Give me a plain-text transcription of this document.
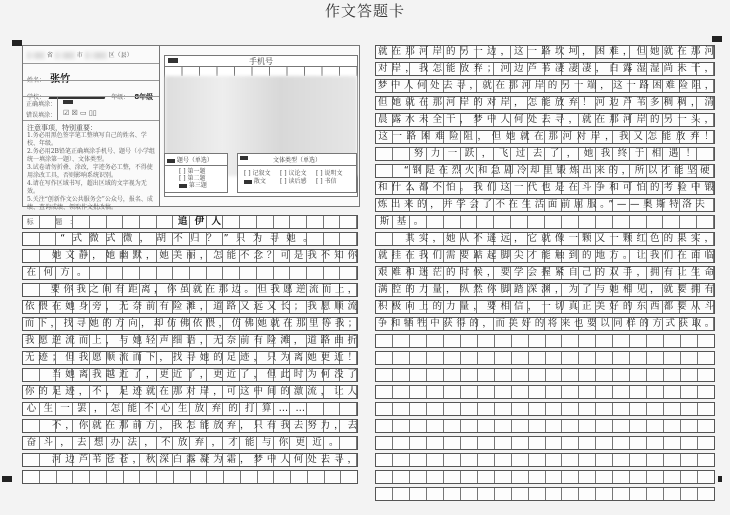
作文答题卡
省	市	区（县）
姓名： 张竹
学校：	年级： 8年级
正确填涂：
错误填涂： ☑ ☒ ▭ ▯▯
注意事项，特别重要：
1.务必用黑色签字笔工整填写自己的姓名、学校、年级。
2.务必用2B铅笔正确填涂手机号、题号（小学组统一填涂第一题）、文体类型。
3.试卷请勿折叠、涂改，字迹务必工整，不得使用涂改工具，否则影响系统识别。
4.请在写作区域书写，超出区域的文字视为无效。
5.关注“创新作文公共服务会”公众号，报名、成绩、查询成绩、领取作文批改稿。
手机号
题号（单选）
[ ] 第一题
[ ] 第二题
第三题
文体类型（单选）
[ ] 记叙文	[ ] 议论文	[ ] 说明文
散文	[ ] 读后感	[ ] 书信
标　题：	追伊人
　　“式微式微，胡不归？”只为寻她。
　　她文静，她幽默，她美丽，怎能不念？可是我不知你
在何方。
　　要你我之间有距离，你虽就在那边。但我愿逆流而上，
依偎在她身旁，无奈前有险滩，道路又远又长；我愿顺流
而下，找寻她的方向，却仿佛依偎，仿佛她就在那里等我；
我愿逆流而上，与她轻声细语，无奈前有险滩，道路曲折
无迹；但我愿顺流而下，找寻她的足迹，只为离她更近！
　　当她离我越近了，更近了，更近了，但此时为何没了
你的足迹，不，足迹就在那对岸，可这中间的激流，让人
心生一罢，怎能不心生放弃的打算……
　　不，你就在那前方，我怎能放弃，只有我去努力，去
奋斗，去想办法，不放弃，才能与你更近。
　　河边芦苇苍苍，秋深白露凝为霜，梦中人何处去寻，
就在那河岸的另一边，这一路坎坷，困难，但她就在那河
对岸，我怎能放弃；河边芦苇凄凄凄，白露湿湿尚未干，
梦中人何处去寻，就在那河岸的另一端，这一路困难险阻，
但她就在那河岸的对岸，怎能放弃！河边芦苇多稠稠，清
晨露水未全干，梦中人何处去寻，就在那河岸的另一头，
这一路困难险阻，但她就在那河对岸，我又怎能放弃！
　　努力一跃，飞过去了，她我终于相遇！
　　“钢是在烈火和急剧冷却里锻炼出来的，所以才能坚硬
和什么都不怕。我们这一代也是在斗争和可怕的考验中锻
炼出来的，并学会了不在生活面前屈服。”——奥斯特洛夫
斯基。
　　其实，她从不遥远，它就像一颗又一颗红色的果实，
就挂在我们需要踮起脚尖才能触到的地方。让我们在面临
艰难和迷茫的时候，要学会握紧自己的双手，拥有让生命
满腔的力量，纵然你脚踏深渊，为了与她相见，就要拥有
积极向上的力量，要相信，一切真正美好的东西都要从斗
争和牺牲中获得的，而美好的将来也要以同样的方式获取。
